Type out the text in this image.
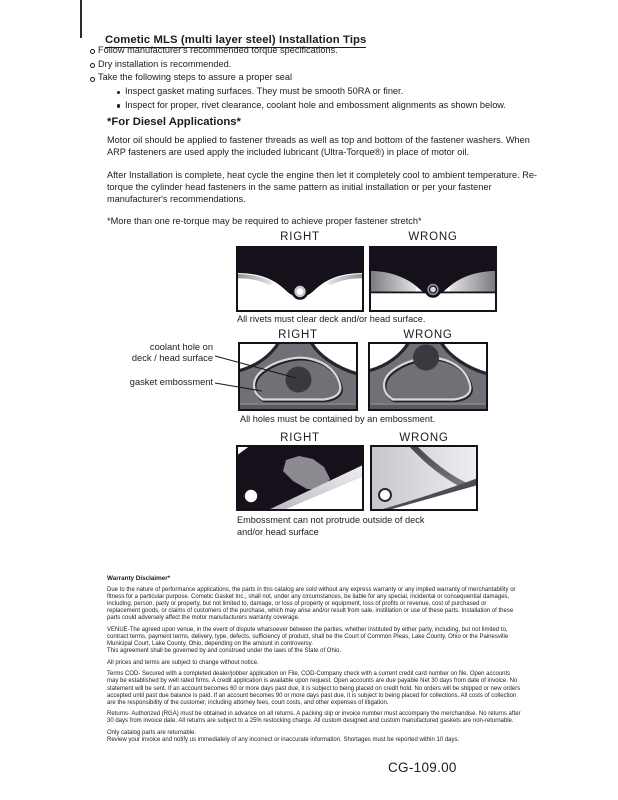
Cometic MLS (multi layer steel) Installation Tips
Follow manufacturer's recommended torque specifications.
Dry installation is recommended.
Take the following steps to assure a proper seal
Inspect gasket mating surfaces. They must be smooth 50RA or finer.
Inspect for proper, rivet clearance, coolant hole and embossment alignments as shown below.
*For Diesel Applications*

Motor oil should be applied to fastener threads as well as top and bottom of the fastener washers. When ARP fasteners are used apply the included lubricant (Ultra-Torque®) in place of motor oil.

After Installation is complete, heat cycle the engine then let it completely cool to ambient temperature. Re-torque the cylinder head fasteners in the same pattern as initial installation or per your fastener manufacturer's recommendations.

*More than one re-torque may be required to achieve proper fastener stretch*

RIGHT	WRONG
All rivets must clear deck and/or head surface.
RIGHT	WRONG
coolant hole on
deck / head surface
gasket embossment
All holes must be contained by an embossment.
RIGHT	WRONG
Embossment can not protrude outside of deck and/or head surface
Warranty Disclaimer*

Due to the nature of performance applications, the parts in this catalog are sold without any express warranty or any implied warranty of merchantability or fitness for a particular purpose. Cometic Gasket Inc., shall not, under any circumstances, be liable for any special, incidental or consequential damages, including, person, party or property, but not limited to, damage, or loss of property or equipment, loss of profits or revenue, cost of purchased or replacement goods, or claims of customers of the purchase, which may arise and/or result from sale, instillation or use of these parts. Installation of these parts could adversely affect the motor manufacturers warranty coverage.

VENUE-The agreed upon venue, in the event of dispute whatsoever between the parties, whether instituted by either party, including, but not limited to, contract terms, payment terms, delivery, type, defects, sufficiency of product, shall be the Court of Common Pleas, Lake County, Ohio or the Painesville Municipal Court, Lake County, Ohio, depending on the amount in controversy.

This agreement shall be governed by and construed under the laws of the State of Ohio.

All prices and terms are subject to change without notice.

Terms COD- Secured with a completed dealer/jobber application on File, COD-Company check with a current credit card number on file. Open accounts may be established by well rated firms. A credit application is available upon request. Open accounts are due payable Net 30 days from date of invoice. No statement will be sent. If an account becomes 60 or more days past due, it is subject to being placed on credit hold. No orders will be shipped or new orders accepted until past due balance is paid. If an account becomes 90 or more days past due, it is subject to being placed for collections. All costs of collection are the responsibility of the customer, including attorney fees, court costs, and other expenses of litigation.

Returns- Authorized (RGA) must be obtained in advance on all returns. A packing slip or invoice number must accompany the merchandise. No returns after 30 days from invoice date. All returns are subject to a 25% restocking charge. All custom designed and custom manufactured gaskets are non-returnable.

Only catalog parts are returnable.

Review your invoice and notify us immediately of any incorrect or inaccurate information. Shortages must be reported within 10 days.

CG-109.00
